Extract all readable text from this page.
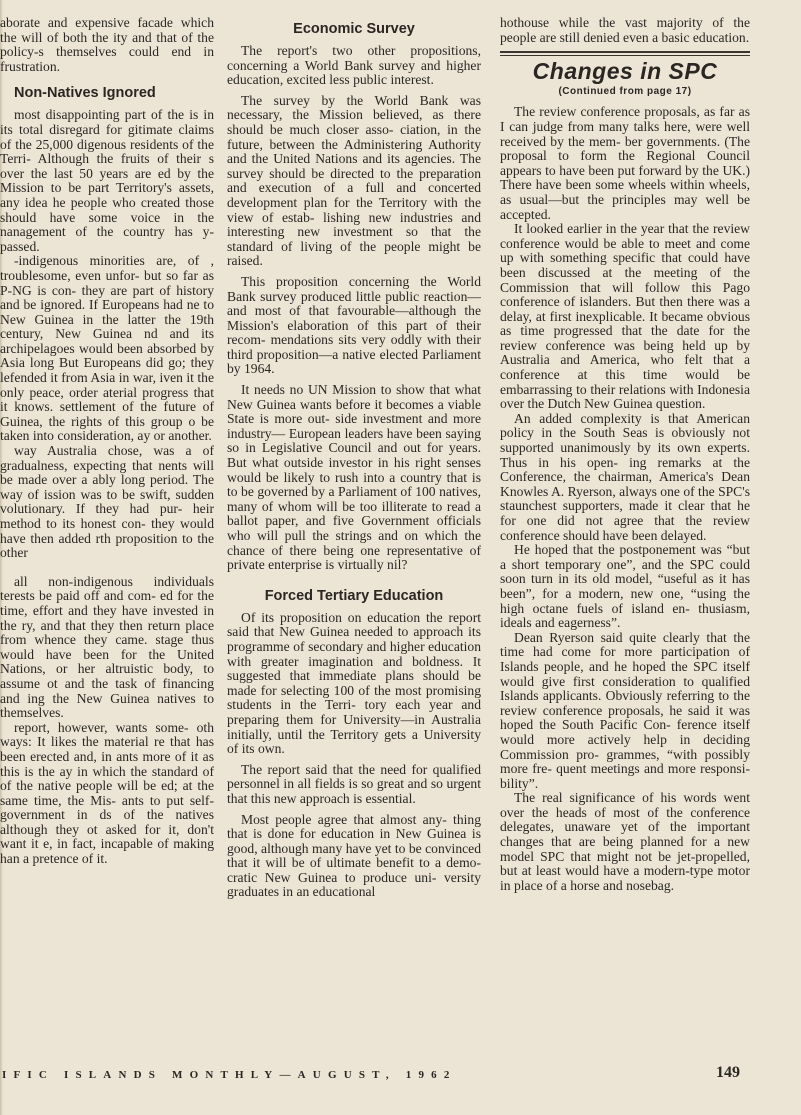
aborate and expensive facade which the will of both the ity and that of the policy-s themselves could end in frustration.

Non-Natives Ignored

most disappointing part of the is in its total disregard for gitimate claims of the 25,000 digenous residents of the Terri- Although the fruits of their s over the last 50 years are ed by the Mission to be part Territory's assets, any idea he people who created those should have some voice in the nanagement of the country has y-passed.

-indigenous minorities are, of , troublesome, even unfor- but so far as P-NG is con- they are part of history and be ignored. If Europeans had ne to New Guinea in the latter the 19th century, New Guinea nd and its archipelagoes would been absorbed by Asia long But Europeans did go; they lefended it from Asia in war, iven it the only peace, order aterial progress that it knows. settlement of the future of Guinea, the rights of this group o be taken into consideration, ay or another.

way Australia chose, was a of gradualness, expecting that nents will be made over a ably long period. The way of ission was to be swift, sudden volutionary. If they had pur- heir method to its honest con- they would have then added rth proposition to the other

all non-indigenous individuals terests be paid off and com- ed for the time, effort and they have invested in the ry, and that they then return place from whence they came. stage thus would have been for the United Nations, or her altruistic body, to assume ot and the task of financing and ing the New Guinea natives to themselves.

report, however, wants some- oth ways: It likes the material re that has been erected and, in ants more of it as this is the ay in which the standard of of the native people will be ed; at the same time, the Mis- ants to put self-government in ds of the natives although they ot asked for it, don't want it e, in fact, incapable of making han a pretence of it.

Economic Survey

The report's two other propositions, concerning a World Bank survey and higher education, excited less public interest.

The survey by the World Bank was necessary, the Mission believed, as there should be much closer asso- ciation, in the future, between the Administering Authority and the United Nations and its agencies. The survey should be directed to the preparation and execution of a full and concerted development plan for the Territory with the view of estab- lishing new industries and interesting new investment so that the standard of living of the people might be raised.

This proposition concerning the World Bank survey produced little public reaction—and most of that favourable—although the Mission's elaboration of this part of their recom- mendations sits very oddly with their third proposition—a native elected Parliament by 1964.

It needs no UN Mission to show that what New Guinea wants before it becomes a viable State is more out- side investment and more industry— European leaders have been saying so in Legislative Council and out for years. But what outside investor in his right senses would be likely to rush into a country that is to be governed by a Parliament of 100 natives, many of whom will be too illiterate to read a ballot paper, and five Government officials who will pull the strings and on which the chance of there being one representative of private enterprise is virtually nil?

Forced Tertiary Education

Of its proposition on education the report said that New Guinea needed to approach its programme of secondary and higher education with greater imagination and boldness. It suggested that immediate plans should be made for selecting 100 of the most promising students in the Terri- tory each year and preparing them for University—in Australia initially, until the Territory gets a University of its own.

The report said that the need for qualified personnel in all fields is so great and so urgent that this new approach is essential.

Most people agree that almost any- thing that is done for education in New Guinea is good, although many have yet to be convinced that it will be of ultimate benefit to a demo- cratic New Guinea to produce uni- versity graduates in an educational

hothouse while the vast majority of the people are still denied even a basic education.

Changes in SPC
(Continued from page 17)

The review conference proposals, as far as I can judge from many talks here, were well received by the mem- ber governments. (The proposal to form the Regional Council appears to have been put forward by the UK.) There have been some wheels within wheels, as usual—but the principles may well be accepted.

It looked earlier in the year that the review conference would be able to meet and come up with something specific that could have been discussed at the meeting of the Commission that will follow this Pago conference of islanders. But then there was a delay, at first inexplicable. It became obvious as time progressed that the date for the review conference was being held up by Australia and America, who felt that a conference at this time would be embarrassing to their relations with Indonesia over the Dutch New Guinea question.

An added complexity is that American policy in the South Seas is obviously not supported unanimously by its own experts. Thus in his open- ing remarks at the Conference, the chairman, America's Dean Knowles A. Ryerson, always one of the SPC's staunchest supporters, made it clear that he for one did not agree that the review conference should have been delayed.

He hoped that the postponement was “but a short temporary one”, and the SPC could soon turn in its old model, “useful as it has been”, for a modern, new one, “using the high octane fuels of island en- thusiasm, ideals and eagerness”.

Dean Ryerson said quite clearly that the time had come for more participation of Islands people, and he hoped the SPC itself would give first consideration to qualified Islands applicants. Obviously referring to the review conference proposals, he said it was hoped the South Pacific Con- ference itself would more actively help in deciding Commission pro- grammes, “with possibly more fre- quent meetings and more responsi- bility”.

The real significance of his words went over the heads of most of the conference delegates, unaware yet of the important changes that are being planned for a new model SPC that might not be jet-propelled, but at least would have a modern-type motor in place of a horse and nosebag.

IFIC ISLANDS MONTHLY—AUGUST, 1962	149
